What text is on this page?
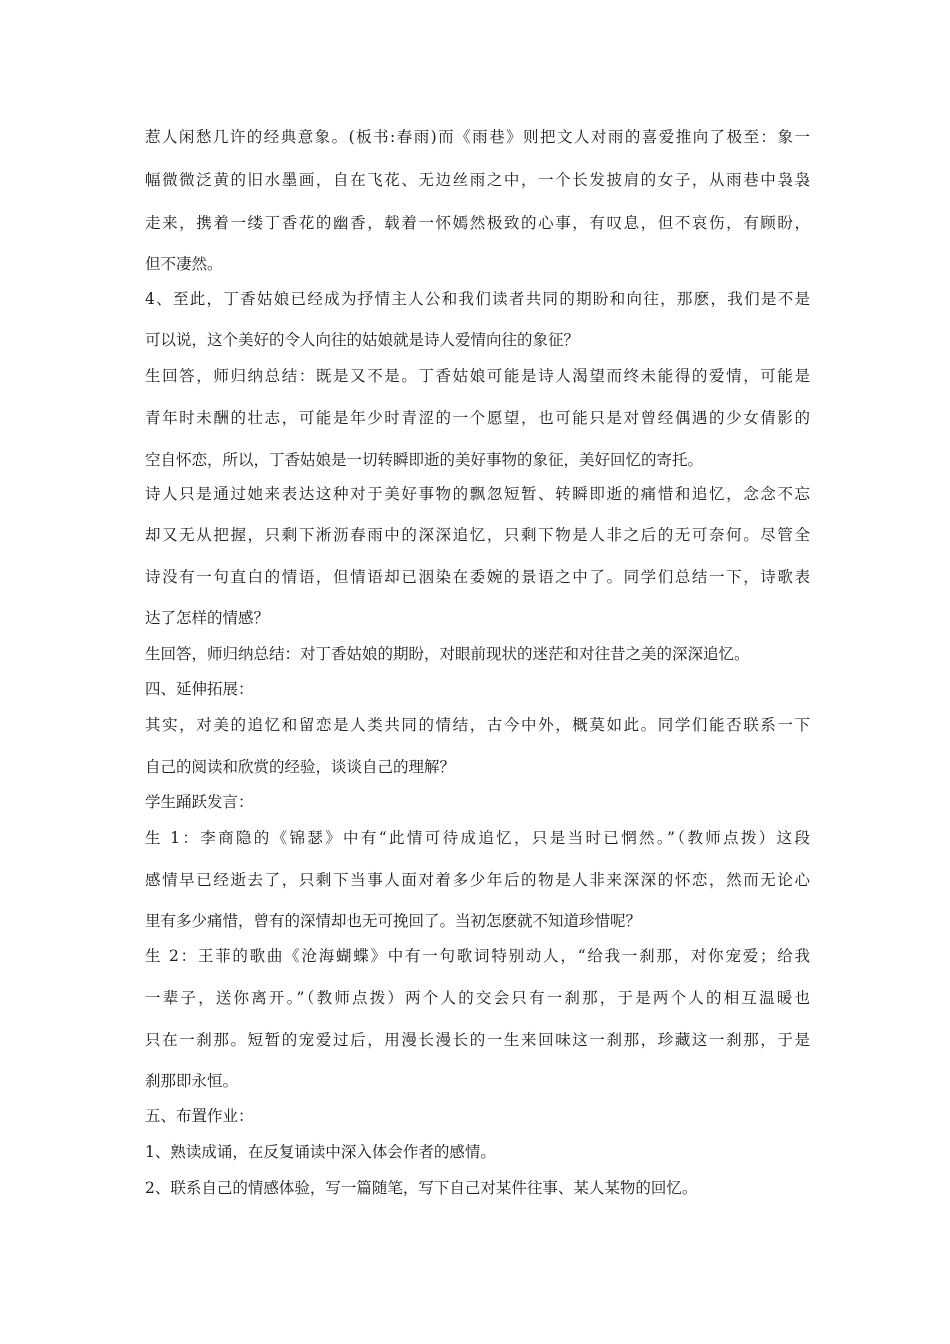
惹人闲愁几许的经典意象。(板书:春雨)而《雨巷》则把文人对雨的喜爱推向了极至：象一
幅微微泛黄的旧水墨画，自在飞花、无边丝雨之中，一个长发披肩的女子，从雨巷中袅袅
走来，携着一缕丁香花的幽香，载着一怀嫣然极致的心事，有叹息，但不哀伤，有顾盼，
但不凄然。
4、至此，丁香姑娘已经成为抒情主人公和我们读者共同的期盼和向往，那麽，我们是不是
可以说，这个美好的令人向往的姑娘就是诗人爱情向往的象征？
生回答，师归纳总结：既是又不是。丁香姑娘可能是诗人渴望而终未能得的爱情，可能是
青年时未酬的壮志，可能是年少时青涩的一个愿望，也可能只是对曾经偶遇的少女倩影的
空自怀恋，所以，丁香姑娘是一切转瞬即逝的美好事物的象征，美好回忆的寄托。
诗人只是通过她来表达这种对于美好事物的飘忽短暂、转瞬即逝的痛惜和追忆，念念不忘
却又无从把握，只剩下淅沥春雨中的深深追忆，只剩下物是人非之后的无可奈何。尽管全
诗没有一句直白的情语，但情语却已洇染在委婉的景语之中了。同学们总结一下，诗歌表
达了怎样的情感？
生回答，师归纳总结：对丁香姑娘的期盼，对眼前现状的迷茫和对往昔之美的深深追忆。
四、延伸拓展：
其实，对美的追忆和留恋是人类共同的情结，古今中外，概莫如此。同学们能否联系一下
自己的阅读和欣赏的经验，谈谈自己的理解？
学生踊跃发言：
生 1：李商隐的《锦瑟》中有“此情可待成追忆，只是当时已惘然。”（教师点拨）这段
感情早已经逝去了，只剩下当事人面对着多少年后的物是人非来深深的怀恋，然而无论心
里有多少痛惜，曾有的深情却也无可挽回了。当初怎麽就不知道珍惜呢？
生 2：王菲的歌曲《沧海蝴蝶》中有一句歌词特别动人，“给我一刹那，对你宠爱；给我
一辈子，送你离开。”（教师点拨）两个人的交会只有一刹那，于是两个人的相互温暖也
只在一刹那。短暂的宠爱过后，用漫长漫长的一生来回味这一刹那，珍藏这一刹那，于是
刹那即永恒。
五、布置作业：
1、熟读成诵，在反复诵读中深入体会作者的感情。
2、联系自己的情感体验，写一篇随笔，写下自己对某件往事、某人某物的回忆。
